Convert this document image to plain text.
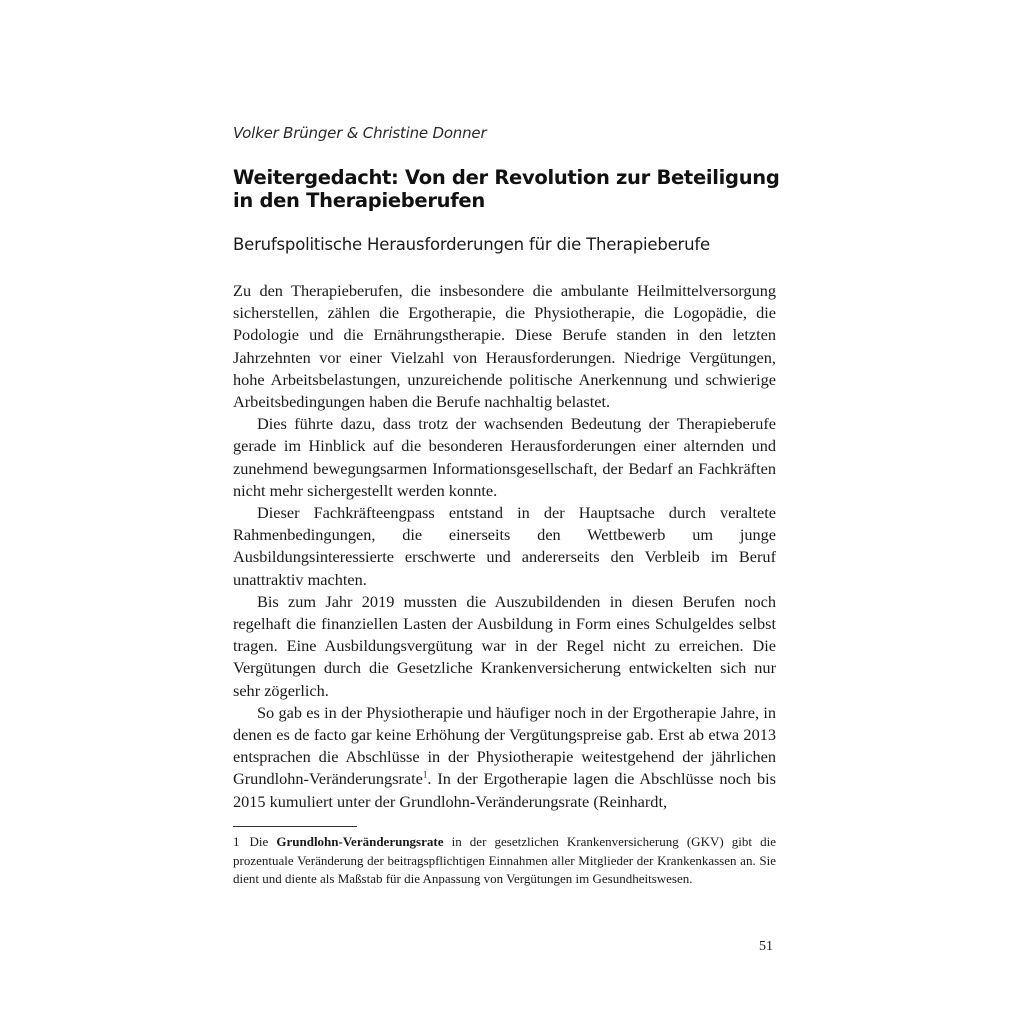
Volker Brünger & Christine Donner
Weitergedacht: Von der Revolution zur Beteiligung
in den Therapieberufen
Berufspolitische Herausforderungen für die Therapieberufe

Zu den Therapieberufen, die insbesondere die ambulante Heilmittelversorgung sicherstellen, zählen die Ergotherapie, die Physiotherapie, die Logopädie, die Podologie und die Ernährungstherapie. Diese Berufe standen in den letzten Jahrzehnten vor einer Vielzahl von Herausforderungen. Niedrige Vergütungen, hohe Arbeitsbelastungen, unzureichende politische Anerkennung und schwierige Arbeitsbedingungen haben die Berufe nachhaltig belastet.

Dies führte dazu, dass trotz der wachsenden Bedeutung der Therapieberufe gerade im Hinblick auf die besonderen Herausforderungen einer alternden und zunehmend bewegungsarmen Informationsgesellschaft, der Bedarf an Fachkräften nicht mehr sichergestellt werden konnte.

Dieser Fachkräfteengpass entstand in der Hauptsache durch veraltete Rahmenbedingungen, die einerseits den Wettbewerb um junge Ausbildungsinteressierte erschwerte und andererseits den Verbleib im Beruf unattraktiv machten.

Bis zum Jahr 2019 mussten die Auszubildenden in diesen Berufen noch regelhaft die finanziellen Lasten der Ausbildung in Form eines Schulgeldes selbst tragen. Eine Ausbildungsvergütung war in der Regel nicht zu erreichen. Die Vergütungen durch die Gesetzliche Krankenversicherung entwickelten sich nur sehr zögerlich.

So gab es in der Physiotherapie und häufiger noch in der Ergotherapie Jahre, in denen es de facto gar keine Erhöhung der Vergütungspreise gab. Erst ab etwa 2013 entsprachen die Abschlüsse in der Physiotherapie weitestgehend der jährlichen Grundlohn-Veränderungsrate$^1$. In der Ergotherapie lagen die Abschlüsse noch bis 2015 kumuliert unter der Grundlohn-Veränderungsrate (Reinhardt,

1 Die Grundlohn-Veränderungsrate in der gesetzlichen Krankenversicherung (GKV) gibt die prozentuale Veränderung der beitragspflichtigen Einnahmen aller Mitglieder der Krankenkassen an. Sie dient und diente als Maßstab für die Anpassung von Vergütungen im Gesundheitswesen.

51
